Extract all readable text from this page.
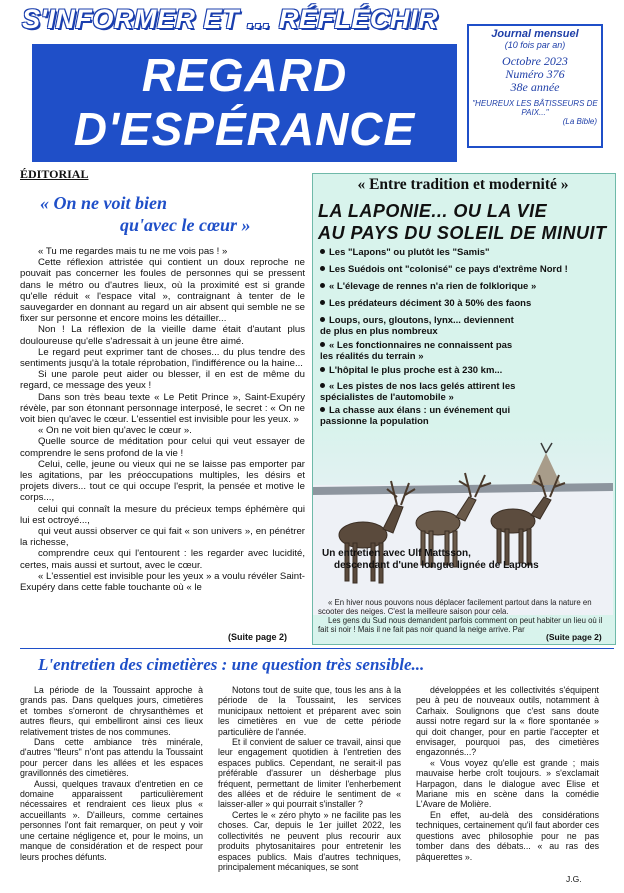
S'INFORMER ET ... RÉFLÉCHIR
REGARD
D'ESPÉRANCE
Journal mensuel
(10 fois par an)
Octobre 2023
Numéro 376
38e année
"HEUREUX LES BÂTISSEURS DE PAIX..."
(La Bible)
ÉDITORIAL
« On ne voit bien
qu'avec le cœur »

« Tu me regardes mais tu ne me vois pas ! »

Cette réflexion attristée qui contient un doux reproche ne pouvait pas concerner les foules de personnes qui se pressent dans le métro ou d'autres lieux, où la proximité est si grande qu'elle réduit « l'espace vital », contraignant à tenter de le sauvegarder en donnant au regard un air absent qui semble ne se fixer sur personne et encore moins les détailler...

Non ! La réflexion de la vieille dame était d'autant plus douloureuse qu'elle s'adressait à un jeune être aimé.

Le regard peut exprimer tant de choses... du plus tendre des sentiments jusqu'à la totale réprobation, l'indifférence ou la haine...

Si une parole peut aider ou blesser, il en est de même du regard, ce message des yeux !

Dans son très beau texte « Le Petit Prince », Saint-Exupéry révèle, par son étonnant personnage interposé, le secret : « On ne voit bien qu'avec le cœur. L'essentiel est invisible pour les yeux. »

« On ne voit bien qu'avec le cœur ».

Quelle source de méditation pour celui qui veut essayer de comprendre le sens profond de la vie !

Celui, celle, jeune ou vieux qui ne se laisse pas emporter par les agitations, par les préoccupations multiples, les désirs et projets divers... tout ce qui occupe l'esprit, la pensée et motive le corps...,

celui qui connaît la mesure du précieux temps éphémère qui lui est octroyé...,

qui veut aussi observer ce qui fait « son univers », en pénétrer la richesse,

comprendre ceux qui l'entourent : les regarder avec lucidité, certes, mais aussi et surtout, avec le cœur.

« L'essentiel est invisible pour les yeux » a voulu révéler Saint-Exupéry dans cette fable touchante où « le

(Suite page 2)
« Entre tradition et modernité »
LA LAPONIE... OU LA VIE
AU PAYS DU SOLEIL DE MINUIT
Les "Lapons" ou plutôt les "Samis"
Les Suédois ont "colonisé" ce pays d'extrême Nord !
« L'élevage de rennes n'a rien de folklorique »
Les prédateurs déciment 30 à 50% des faons
Loups, ours, gloutons, lynx... deviennent de plus en plus nombreux
« Les fonctionnaires ne connaissent pas les réalités du terrain »
L'hôpital le plus proche est à 230 km...
« Les pistes de nos lacs gelés attirent les spécialistes de l'automobile »
La chasse aux élans : un événement qui passionne la population
Un entretien avec Ulf Mattsson,
descendant d'une longue lignée de Lapons

« En hiver nous pouvons nous déplacer facilement partout dans la nature en scooter des neiges. C'est la meilleure saison pour cela.

Les gens du Sud nous demandent parfois comment on peut habiter un lieu où il fait si noir ! Mais il ne fait pas noir quand la neige arrive. Par

(Suite page 2)
L'entretien des cimetières : une question très sensible...

La période de la Toussaint approche à grands pas. Dans quelques jours, cimetières et tombes s'orneront de chrysanthèmes et autres fleurs, qui embelliront ainsi ces lieux relativement tristes de nos communes.

Dans cette ambiance très minérale, d'autres "fleurs" n'ont pas attendu la Toussaint pour percer dans les allées et les espaces gravillonnés des cimetières.

Aussi, quelques travaux d'entretien en ce domaine apparaissent particulièrement nécessaires et rendraient ces lieux plus « accueillants ». D'ailleurs, comme certaines personnes l'ont fait remarquer, on peut y voir une certaine négligence et, pour le moins, un manque de considération et de respect pour leurs proches défunts.

Notons tout de suite que, tous les ans à la période de la Toussaint, les services municipaux nettoient et préparent avec soin les cimetières en vue de cette période particulière de l'année.

Et il convient de saluer ce travail, ainsi que leur engagement quotidien à l'entretien des espaces publics. Cependant, ne serait-il pas préférable d'assurer un désherbage plus fréquent, permettant de limiter l'enherbement des allées et de réduire le sentiment de « laisser-aller » qui pourrait s'installer ?

Certes le « zéro phyto » ne facilite pas les choses. Car, depuis le 1er juillet 2022, les collectivités ne peuvent plus recourir aux produits phytosanitaires pour entretenir les espaces publics. Mais d'autres techniques, principalement mécaniques, se sont

développées et les collectivités s'équipent peu à peu de nouveaux outils, notamment à Carhaix. Soulignons que c'est sans doute aussi notre regard sur la « flore spontanée » qui doit changer, pour en partie l'accepter et envisager, pourquoi pas, des cimetières engazonnés...?

« Vous voyez qu'elle est grande ; mais mauvaise herbe croît toujours. » s'exclamait Harpagon, dans le dialogue avec Elise et Mariane mis en scène dans la comédie L'Avare de Molière.

En effet, au-delà des considérations techniques, certainement qu'il faut aborder ces questions avec philosophie pour ne pas tomber dans des débats... « au ras des pâquerettes ».

J.G.
